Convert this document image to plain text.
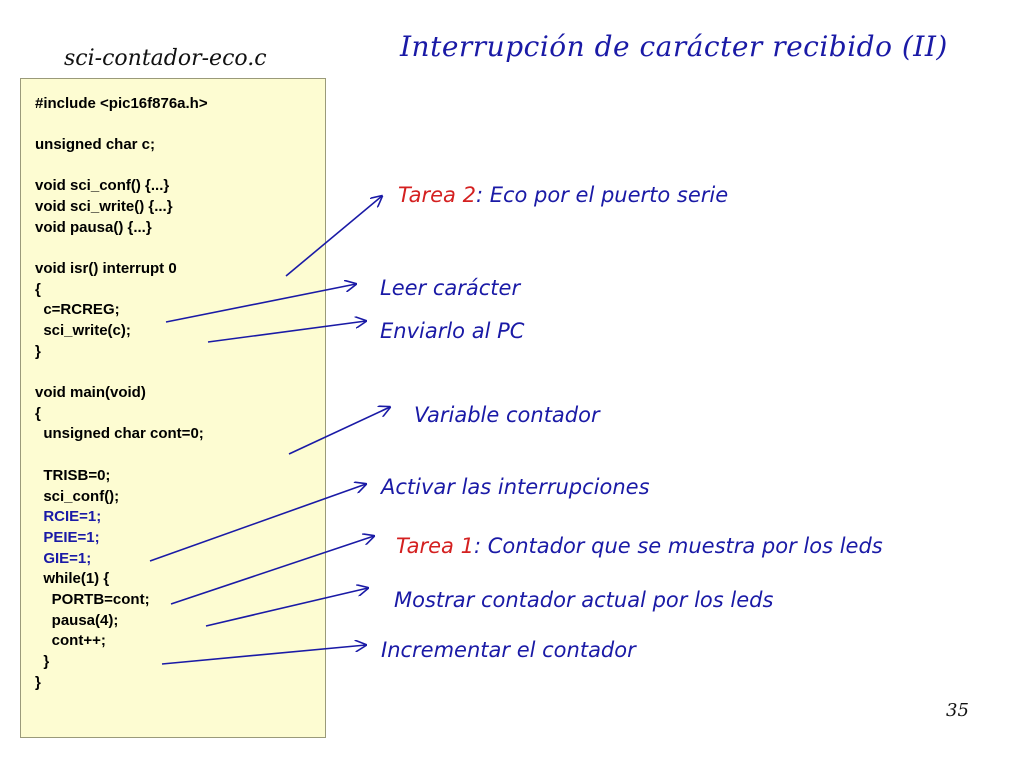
Interrupción de carácter recibido (II)
sci-contador-eco.c
#include <pic16f876a.h>
unsigned char c;
void sci_conf() {...}
void sci_write() {...}
void pausa() {...}
void isr() interrupt 0
{
c=RCREG;
sci_write(c);
}
void main(void)
{
unsigned char cont=0;
TRISB=0;
sci_conf();
RCIE=1;
PEIE=1;
GIE=1;
while(1) {
PORTB=cont;
pausa(4);
cont++;
}
}
Tarea 2: Eco por el puerto serie
Leer carácter
Enviarlo al PC
Variable contador
Activar las interrupciones
Tarea 1: Contador que se muestra por los leds
Mostrar contador actual por los leds
Incrementar el contador
35
